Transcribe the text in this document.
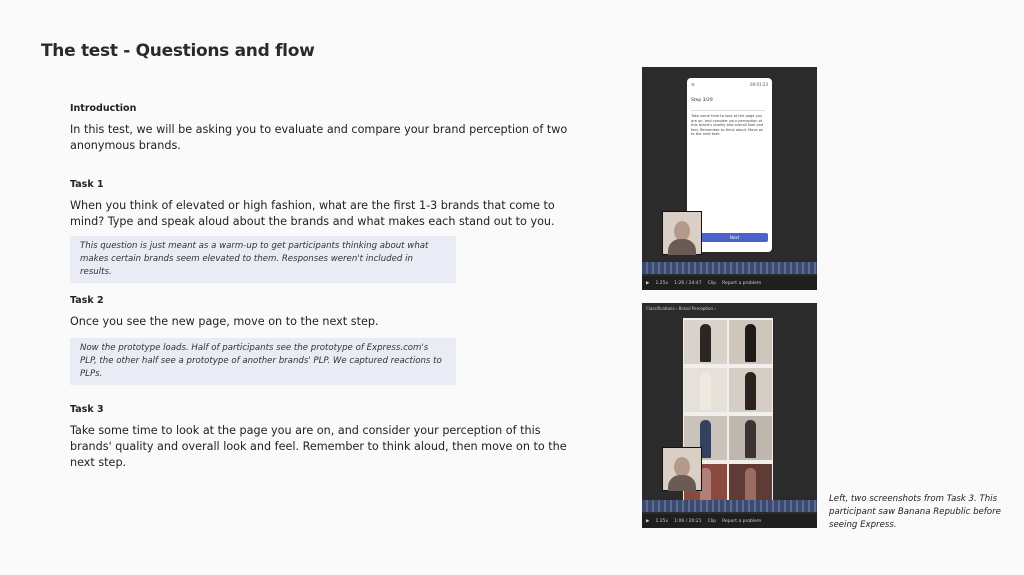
The test - Questions and flow

Introduction

In this test, we will be asking you to evaluate and compare your brand perception of two anonymous brands.

Task 1

When you think of elevated or high fashion, what are the first 1-3 brands that come to mind? Type and speak aloud about the brands and what makes each stand out to you.

This question is just meant as a warm-up to get participants thinking about what makes certain brands seem elevated to them. Responses weren't included in results.

Task 2

Once you see the new page, move on to the next step.

Now the prototype loads. Half of participants see the prototype of Express.com's PLP, the other half see a prototype of another brands' PLP. We captured reactions to PLPs.

Task 3

Take some time to look at the page you are on, and consider your perception of this brands' quality and overall look and feel. Remember to think aloud, then move on to the next step.

☰	00:01:23
Step 3/29
Take some time to look at the page you are on, and consider your perception of this brand's quality and overall look and feel. Remember to think aloud. Move on to the next task.
Next
▶ 1.25x 1:26 / 24:47 Clip Report a problem
Classifications › Brand Perception ›
▶ 1.25x 1:06 / 20:21 Clip Report a problem
Left, two screenshots from Task 3. This participant saw Banana Republic before seeing Express.
